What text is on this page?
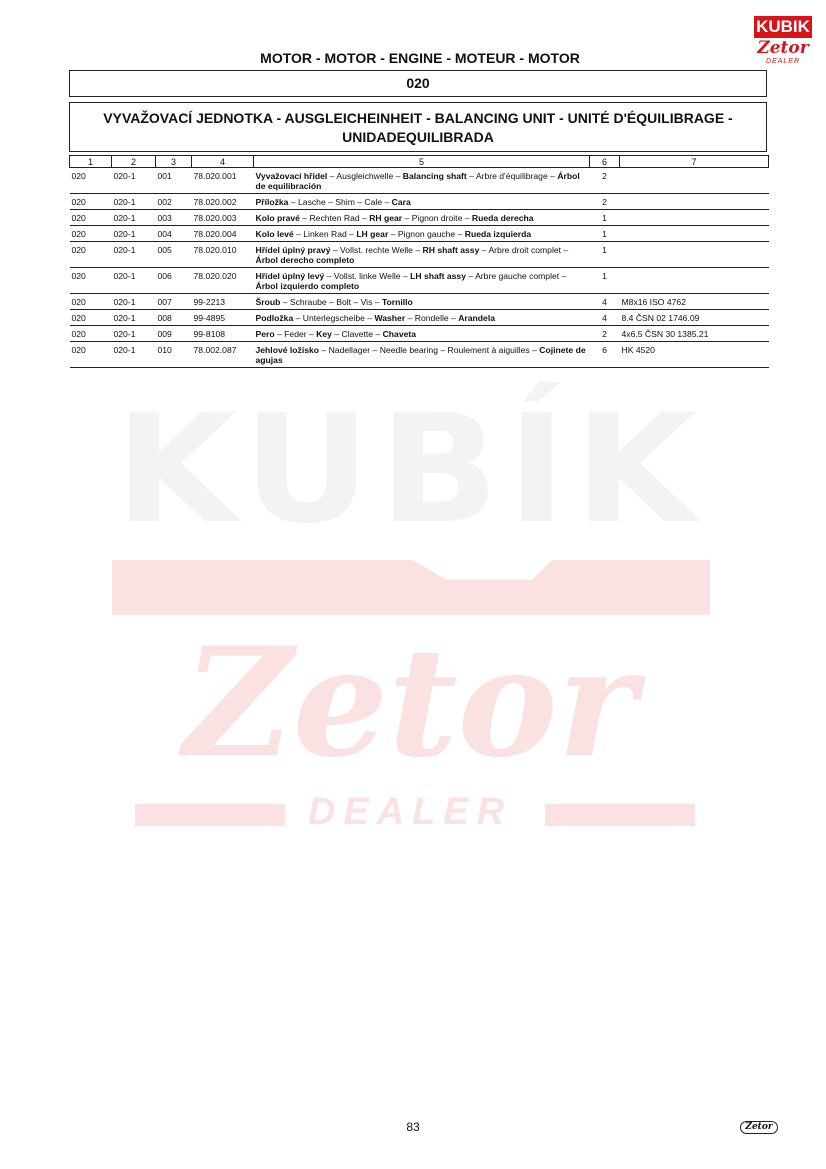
KUBÍK
Zetor
DEALER
KUBIK
Zetor
DEALER
MOTOR - MOTOR - ENGINE - MOTEUR - MOTOR
020
VYVAŽOVACÍ JEDNOTKA - AUSGLEICHEINHEIT - BALANCING UNIT - UNITÉ D'ÉQUILIBRAGE -
UNIDADEQUILIBRADA
1	2	3	4	5	6	7
020	020-1	001	78.020.001	Vyvažovací hřídel – Ausgleichwelle – Balancing shaft – Arbre d'équilibrage – Árbol de equilibración	2	
020	020-1	002	78.020.002	Příložka – Lasche – Shim – Cale – Cara	2	
020	020-1	003	78.020.003	Kolo pravé – Rechten Rad – RH gear – Pignon droite – Rueda derecha	1	
020	020-1	004	78.020.004	Kolo levé – Linken Rad – LH gear – Pignon gauche – Rueda izquierda	1	
020	020-1	005	78.020.010	Hřídel úplný pravý – Vollst. rechte Welle – RH shaft assy – Arbre droit complet – Árbol derecho completo	1	
020	020-1	006	78.020.020	Hřídel úplný levý – Vollst. linke Welle – LH shaft assy – Arbre gauche complet – Árbol izquierdo completo	1	
020	020-1	007	99-2213	Šroub – Schraube – Bolt – Vis – Tornillo	4	M8x16 ISO 4762
020	020-1	008	99-4895	Podložka – Unterlegscheibe – Washer – Rondelle – Arandela	4	8.4 ČSN 02 1746.09
020	020-1	009	99-8108	Pero – Feder – Key – Clavette – Chaveta	2	4x6.5 ČSN 30 1385.21
020	020-1	010	78.002.087	Jehlové ložisko – Nadellager – Needle bearing – Roulement à aiguilles – Cojinete de agujas	6	HK 4520
83	Zetor
